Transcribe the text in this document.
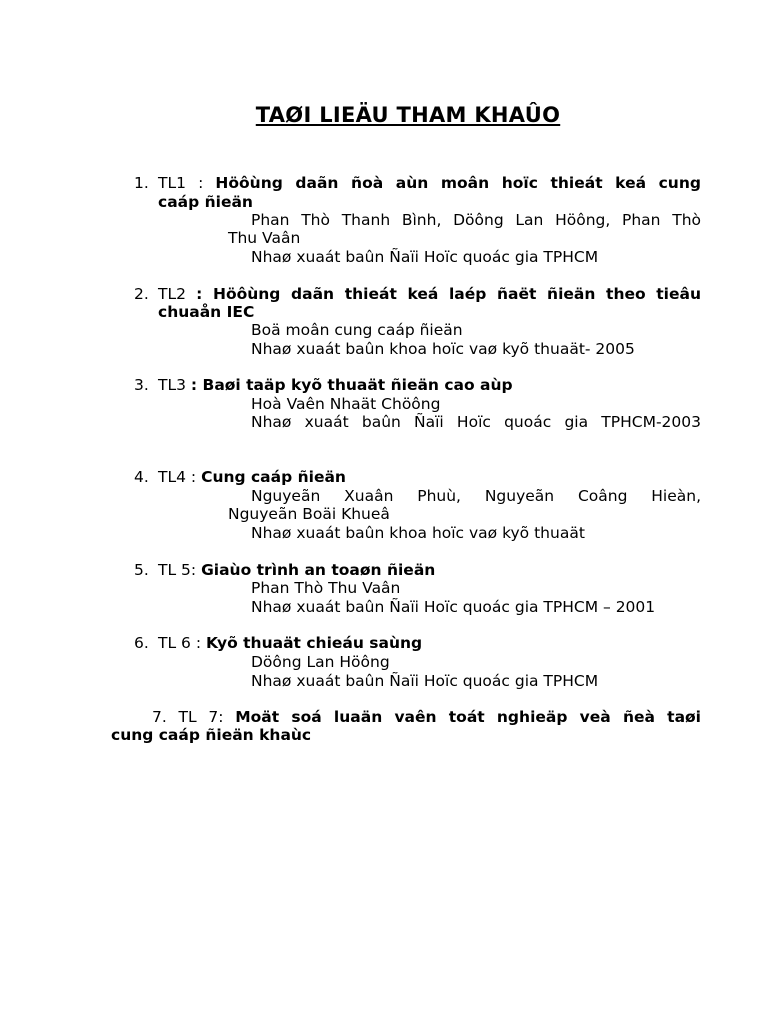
TAØI LIEÄU THAM KHAÛO
1. TL1 : Höôùng daãn ñoà aùn moân hoïc thieát keá cung
caáp ñieän
Phan Thò Thanh Bình, Döông Lan Höông, Phan Thò
Thu Vaân
Nhaø xuaát baûn Ñaïi Hoïc quoác gia TPHCM
2. TL2 : Höôùng daãn thieát keá laép ñaët ñieän theo tieâu
chuaån IEC
Boä moân cung caáp ñieän
Nhaø xuaát baûn khoa hoïc vaø kyõ thuaät- 2005
3. TL3 : Baøi taäp kyõ thuaät ñieän cao aùp
Hoà Vaên Nhaät Chöông
Nhaø xuaát baûn Ñaïi Hoïc quoác gia TPHCM-2003
4. TL4 : Cung caáp ñieän
Nguyeãn Xuaân Phuù, Nguyeãn Coâng Hieàn,
Nguyeãn Boäi Khueâ
Nhaø xuaát baûn khoa hoïc vaø kyõ thuaät
5. TL 5: Giaùo trình an toaøn ñieän
Phan Thò Thu Vaân
Nhaø xuaát baûn Ñaïi Hoïc quoác gia TPHCM – 2001
6. TL 6 : Kyõ thuaät chieáu saùng
Döông Lan Höông
Nhaø xuaát baûn Ñaïi Hoïc quoác gia TPHCM
7. TL 7: Moät soá luaän vaên toát nghieäp veà ñeà taøi
cung caáp ñieän khaùc
